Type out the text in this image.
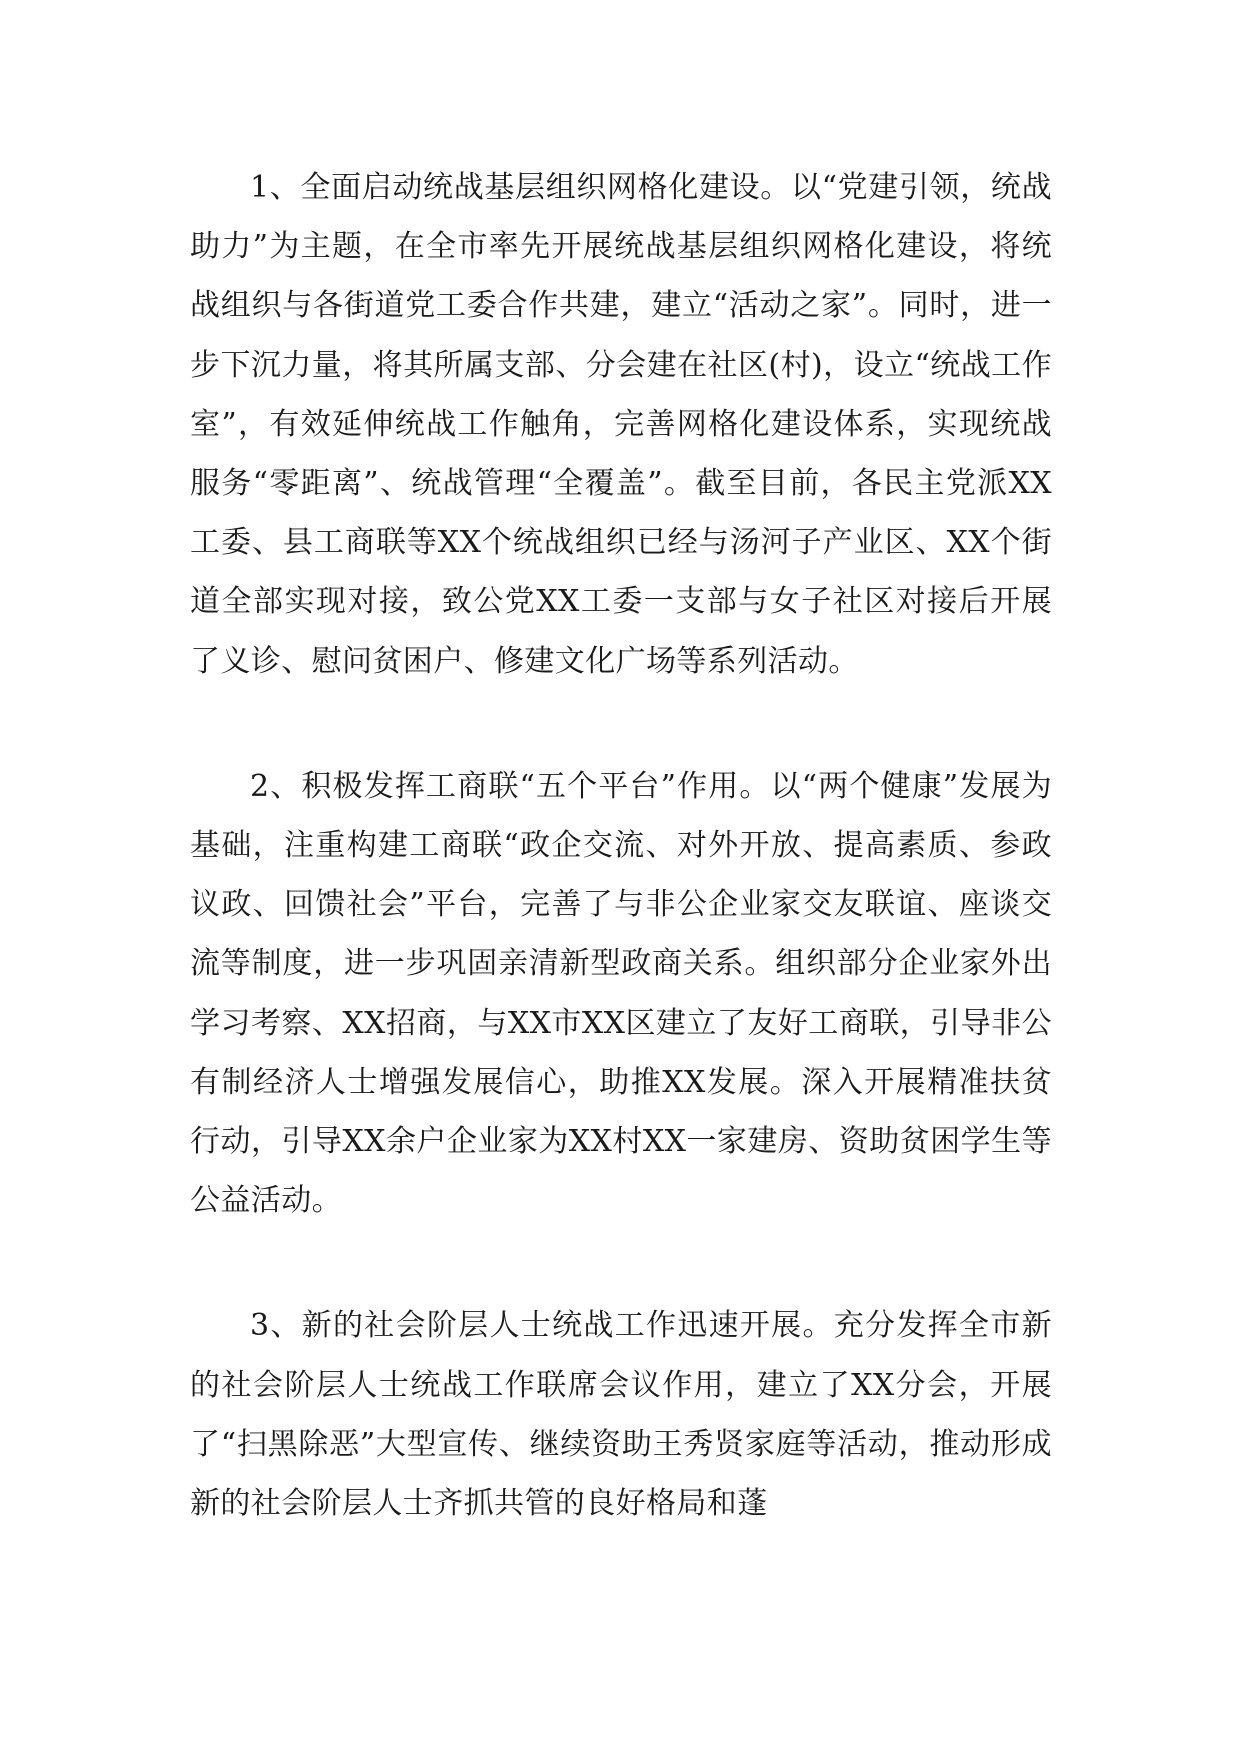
1、全面启动统战基层组织网格化建设。以“党建引领，统战助力”为主题，在全市率先开展统战基层组织网格化建设，将统战组织与各街道党工委合作共建，建立“活动之家”。同时，进一步下沉力量，将其所属支部、分会建在社区(村)，设立“统战工作室”，有效延伸统战工作触角，完善网格化建设体系，实现统战服务“零距离”、统战管理“全覆盖”。截至目前，各民主党派XX工委、县工商联等XX个统战组织已经与汤河子产业区、XX个街道全部实现对接，致公党XX工委一支部与女子社区对接后开展了义诊、慰问贫困户、修建文化广场等系列活动。

2、积极发挥工商联“五个平台”作用。以“两个健康”发展为基础，注重构建工商联“政企交流、对外开放、提高素质、参政议政、回馈社会”平台，完善了与非公企业家交友联谊、座谈交流等制度，进一步巩固亲清新型政商关系。组织部分企业家外出学习考察、XX招商，与XX市XX区建立了友好工商联，引导非公有制经济人士增强发展信心，助推XX发展。深入开展精准扶贫行动，引导XX余户企业家为XX村XX一家建房、资助贫困学生等公益活动。

3、新的社会阶层人士统战工作迅速开展。充分发挥全市新的社会阶层人士统战工作联席会议作用，建立了XX分会，开展了“扫黑除恶”大型宣传、继续资助王秀贤家庭等活动，推动形成新的社会阶层人士齐抓共管的良好格局和蓬
